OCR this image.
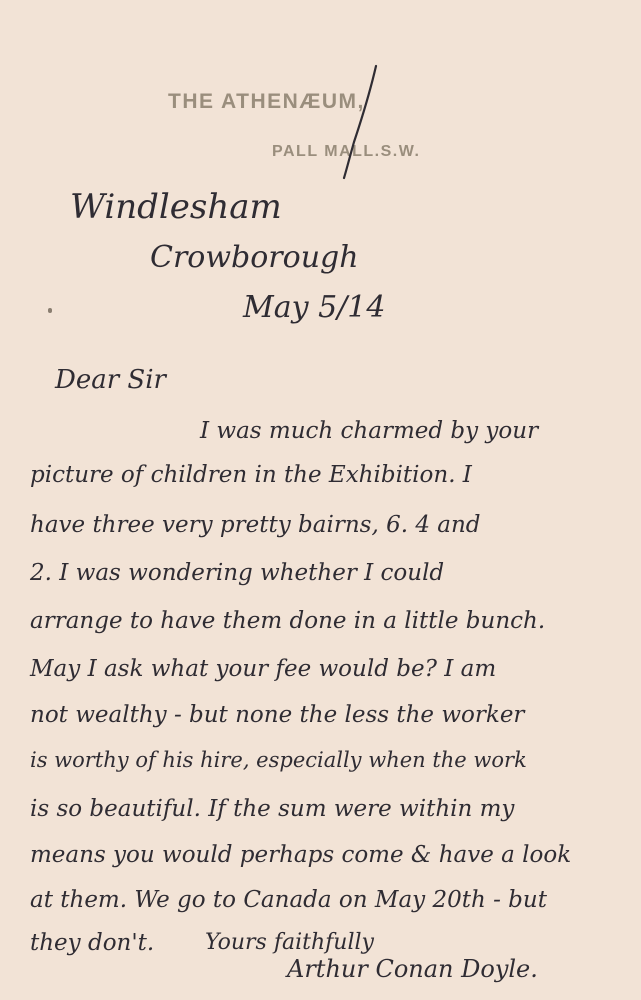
THE ATHENÆUM,
PALL MALL.S.W.
Windlesham
Crowborough
May 5/14
Dear Sir
I was much charmed by your
picture of children in the Exhibition. I
have three very pretty bairns, 6. 4 and
2. I was wondering whether I could
arrange to have them done in a little bunch.
May I ask what your fee would be? I am
not wealthy - but none the less the worker
is worthy of his hire, especially when the work
is so beautiful. If the sum were within my
means you would perhaps come & have a look
at them. We go to Canada on May 20th - but
they don't. Yours faithfully
Arthur Conan Doyle.
